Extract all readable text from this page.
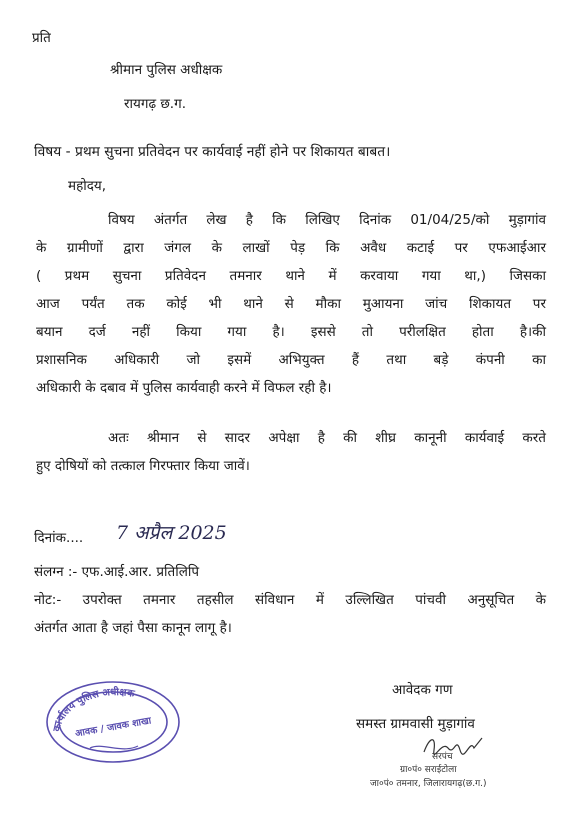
प्रति
श्रीमान पुलिस अधीक्षक
रायगढ़ छ.ग.
विषय - प्रथम सुचना प्रतिवेदन पर कार्यवाई नहीं होने पर शिकायत बाबत।
महोदय,
विषय अंतर्गत लेख है कि लिखिए दिनांक 01/04/25/को मुड़ागांव
के ग्रामीणों द्वारा जंगल के लाखों पेड़ कि अवैध कटाई पर एफआईआर
( प्रथम सुचना प्रतिवेदन तमनार थाने में करवाया गया था,) जिसका
आज पर्यंत तक कोई भी थाने से मौका मुआयना जांच शिकायत पर
बयान दर्ज नहीं किया गया है। इससे तो परीलक्षित होता है।की
प्रशासनिक अधिकारी जो इसमें अभियुक्त हैं तथा बड़े कंपनी का
अधिकारी के दबाव में पुलिस कार्यवाही करने में विफल रही है।
अतः श्रीमान से सादर अपेक्षा है की शीघ्र कानूनी कार्यवाई करते
हुए दोषियों को तत्काल गिरफ्तार किया जावें।
दिनांक.... 7 अप्रैल 2025
संलग्न :- एफ.आई.आर. प्रतिलिपि
नोट:- उपरोक्त तमनार तहसील संविधान में उल्लिखित पांचवी अनुसूचित के
अंतर्गत आता है जहां पैसा कानून लागू है।
आवेदक गण
समस्त ग्रामवासी मुड़ागांव
सरपंच
ग्रा०पं० सराईटोला
जा०पं० तमनार, जिलारायगढ़(छ.ग.)
कार्यालय पुलिस अधीक्षक
आवक / जावक शाखा
